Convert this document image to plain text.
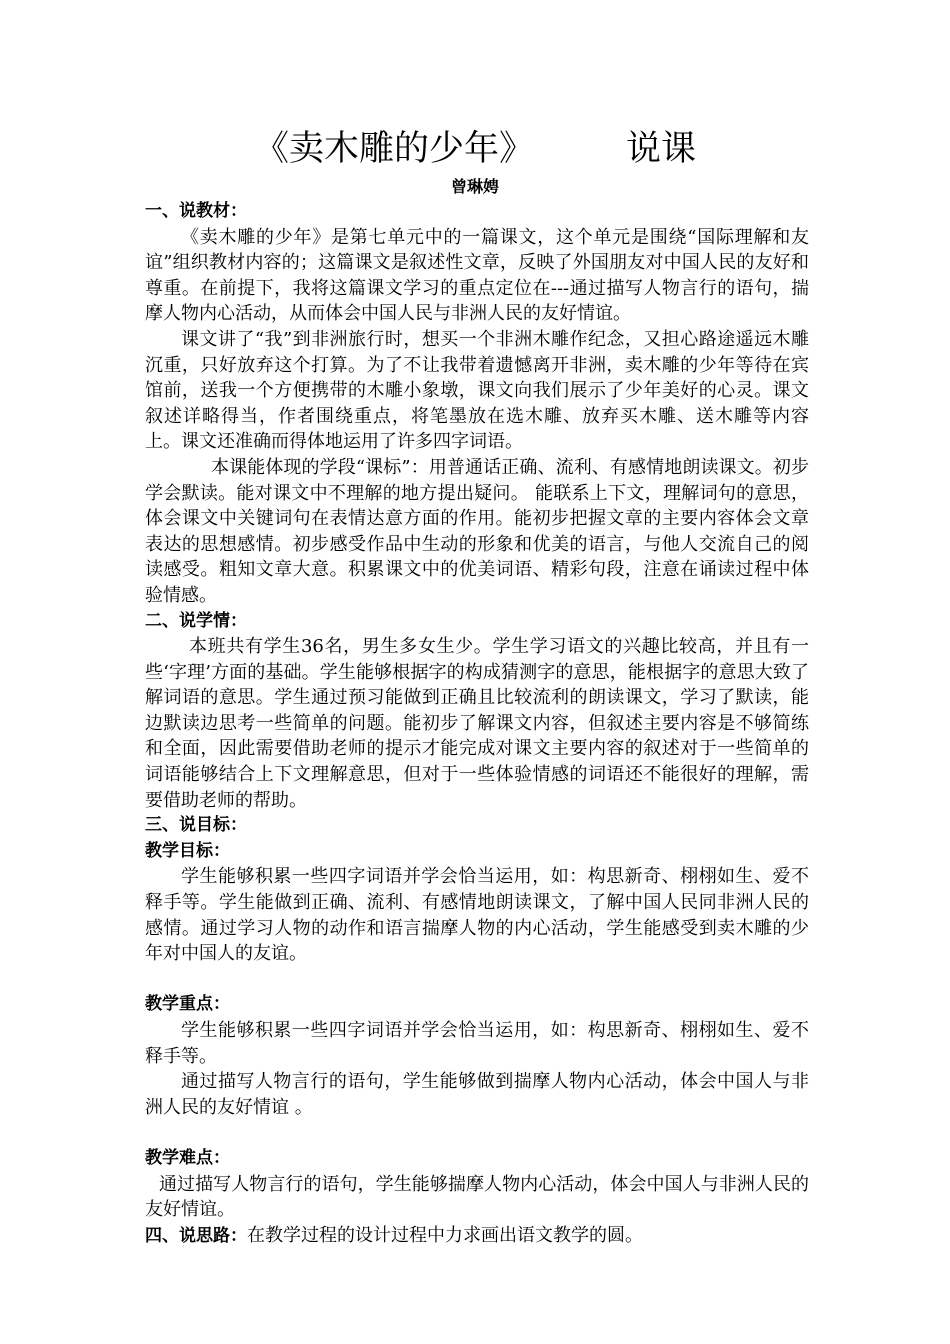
《卖木雕的少年》	说课
曾琳娉

一、说教材：

《卖木雕的少年》是第七单元中的一篇课文，这个单元是围绕“国际理解和友谊”组织教材内容的；这篇课文是叙述性文章，反映了外国朋友对中国人民的友好和尊重。在前提下，我将这篇课文学习的重点定位在---通过描写人物言行的语句，揣摩人物内心活动，从而体会中国人民与非洲人民的友好情谊。

课文讲了“我”到非洲旅行时，想买一个非洲木雕作纪念，又担心路途遥远木雕沉重，只好放弃这个打算。为了不让我带着遗憾离开非洲，卖木雕的少年等待在宾馆前，送我一个方便携带的木雕小象墩，课文向我们展示了少年美好的心灵。课文叙述详略得当，作者围绕重点，将笔墨放在选木雕、放弃买木雕、送木雕等内容上。课文还准确而得体地运用了许多四字词语。

本课能体现的学段“课标”：用普通话正确、流利、有感情地朗读课文。初步学会默读。能对课文中不理解的地方提出疑问。 能联系上下文，理解词句的意思，体会课文中关键词句在表情达意方面的作用。能初步把握文章的主要内容体会文章表达的思想感情。初步感受作品中生动的形象和优美的语言，与他人交流自己的阅读感受。粗知文章大意。积累课文中的优美词语、精彩句段，注意在诵读过程中体验情感。

二、说学情：

本班共有学生36名，男生多女生少。学生学习语文的兴趣比较高，并且有一些‘字理’方面的基础。学生能够根据字的构成猜测字的意思，能根据字的意思大致了解词语的意思。学生通过预习能做到正确且比较流利的朗读课文，学习了默读，能边默读边思考一些简单的问题。能初步了解课文内容，但叙述主要内容是不够简练和全面，因此需要借助老师的提示才能完成对课文主要内容的叙述对于一些简单的词语能够结合上下文理解意思，但对于一些体验情感的词语还不能很好的理解，需要借助老师的帮助。

三、说目标：

教学目标：

学生能够积累一些四字词语并学会恰当运用，如：构思新奇、栩栩如生、爱不释手等。学生能做到正确、流利、有感情地朗读课文，了解中国人民同非洲人民的感情。通过学习人物的动作和语言揣摩人物的内心活动，学生能感受到卖木雕的少年对中国人的友谊。

教学重点：

学生能够积累一些四字词语并学会恰当运用，如：构思新奇、栩栩如生、爱不释手等。

通过描写人物言行的语句，学生能够做到揣摩人物内心活动，体会中国人与非洲人民的友好情谊 。

教学难点：

通过描写人物言行的语句，学生能够揣摩人物内心活动，体会中国人与非洲人民的友好情谊。

四、说思路：在教学过程的设计过程中力求画出语文教学的圆。
